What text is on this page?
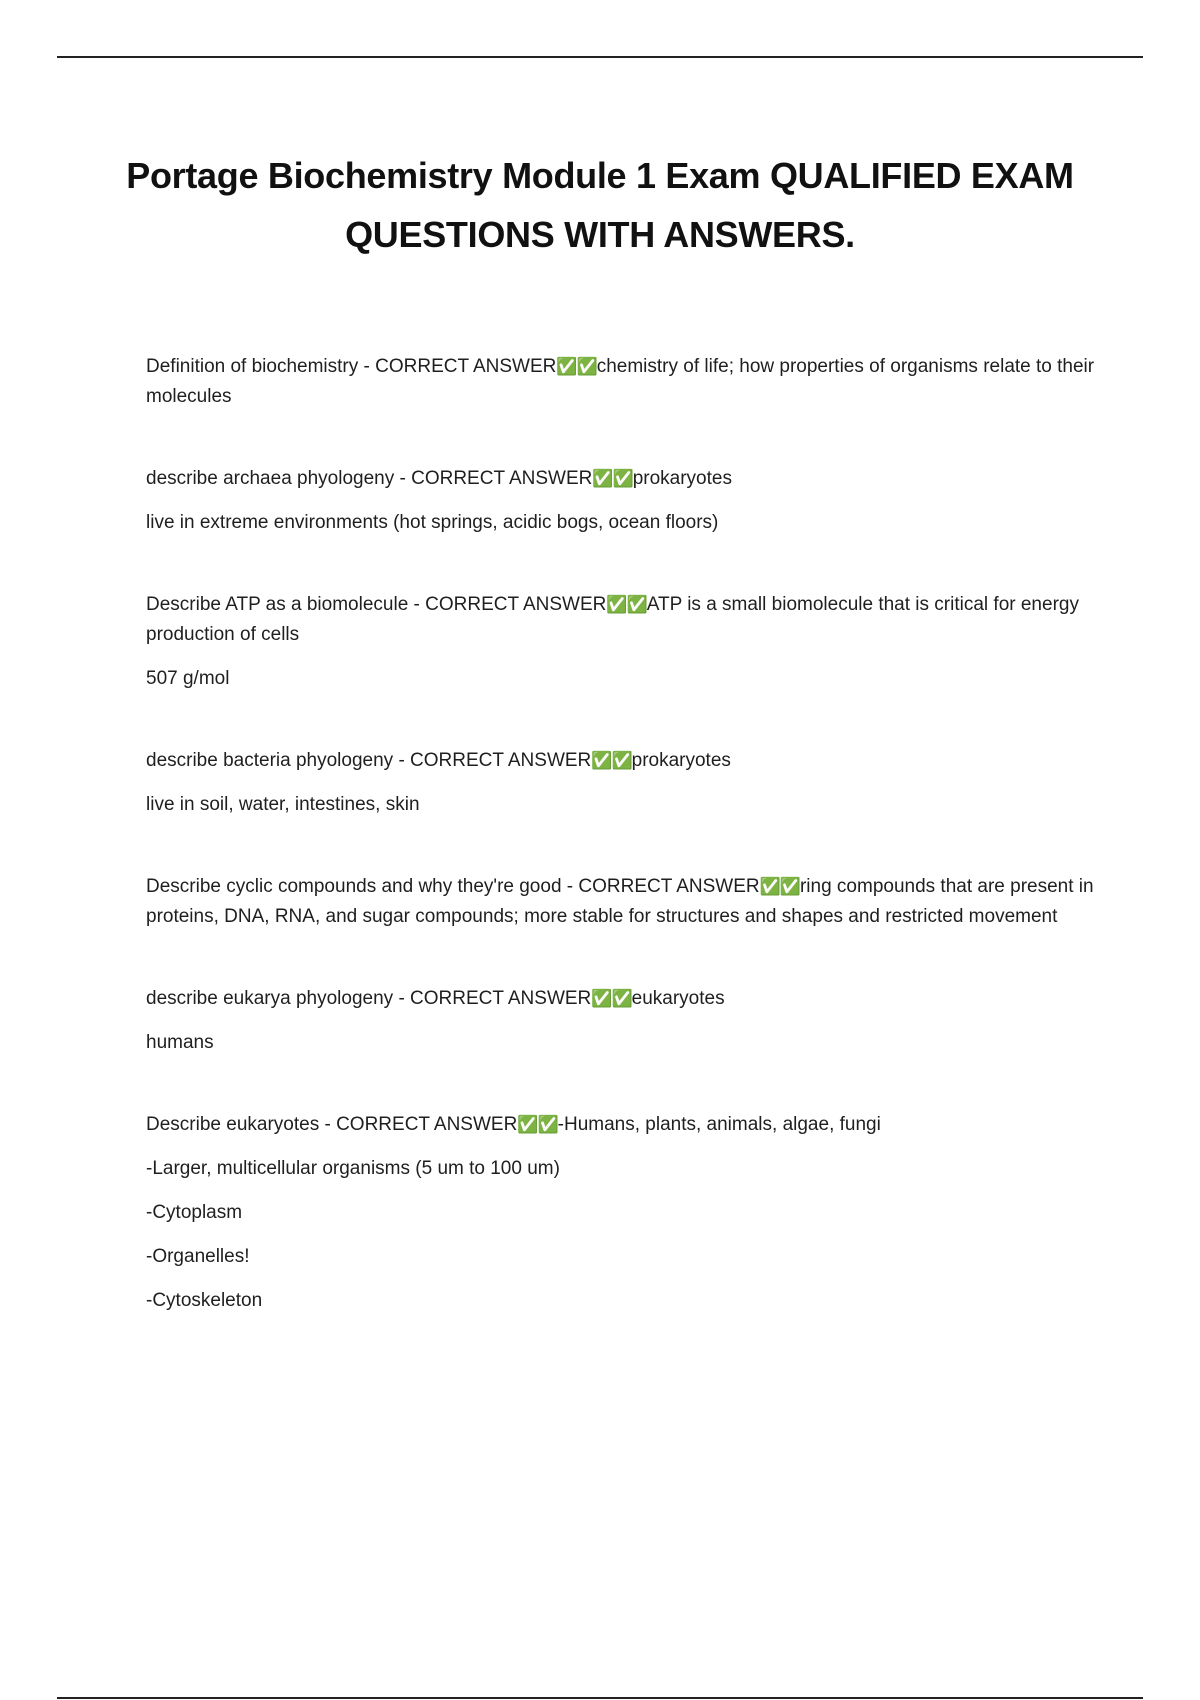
Portage Biochemistry Module 1 Exam QUALIFIED EXAM QUESTIONS WITH ANSWERS.

Definition of biochemistry - CORRECT ANSWER✅✅chemistry of life; how properties of organisms relate to their molecules

describe archaea phyologeny - CORRECT ANSWER✅✅prokaryotes

live in extreme environments (hot springs, acidic bogs, ocean floors)

Describe ATP as a biomolecule - CORRECT ANSWER✅✅ATP is a small biomolecule that is critical for energy production of cells

507 g/mol

describe bacteria phyologeny - CORRECT ANSWER✅✅prokaryotes

live in soil, water, intestines, skin

Describe cyclic compounds and why they're good - CORRECT ANSWER✅✅ring compounds that are present in proteins, DNA, RNA, and sugar compounds; more stable for structures and shapes and restricted movement

describe eukarya phyologeny - CORRECT ANSWER✅✅eukaryotes

humans

Describe eukaryotes - CORRECT ANSWER✅✅-Humans, plants, animals, algae, fungi

-Larger, multicellular organisms (5 um to 100 um)

-Cytoplasm

-Organelles!

-Cytoskeleton
